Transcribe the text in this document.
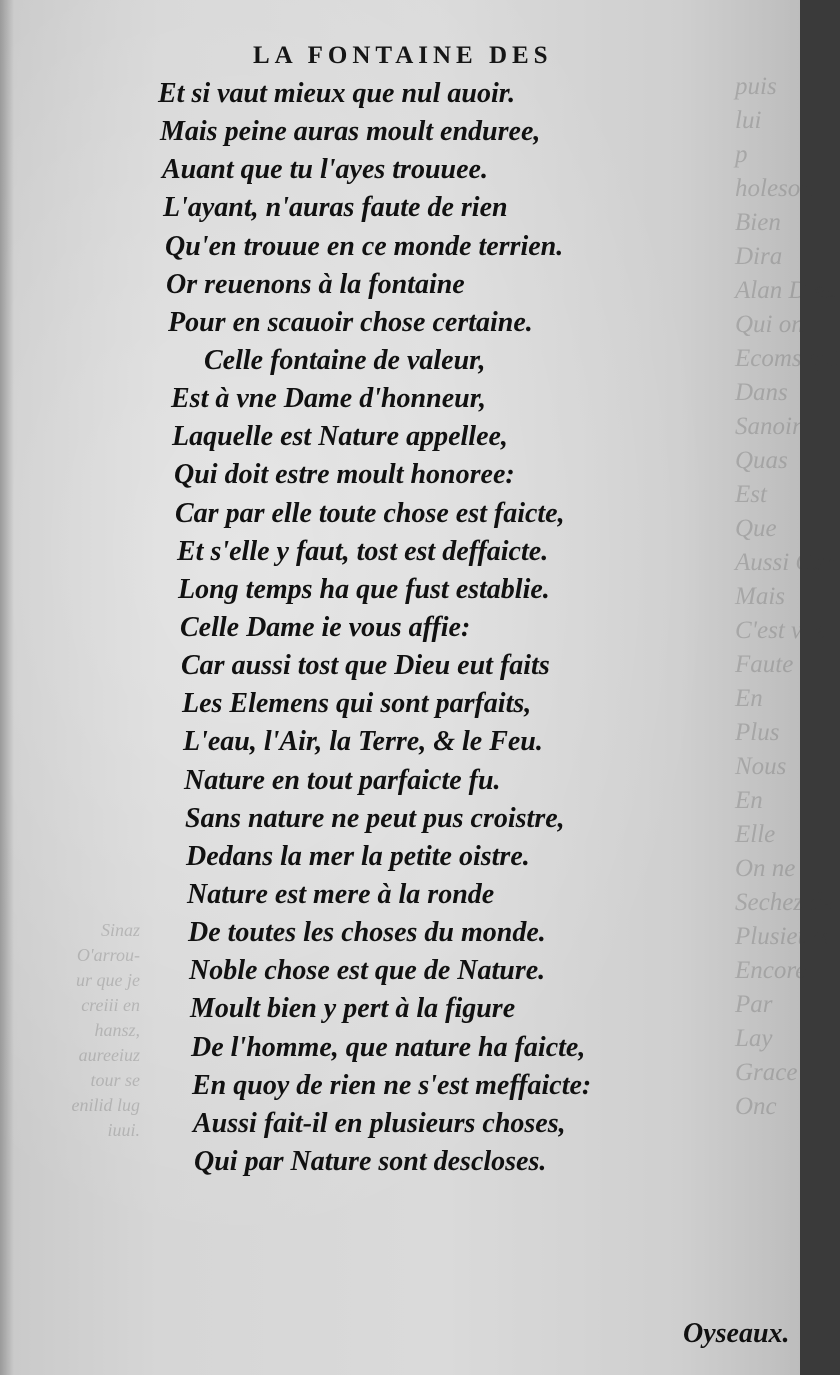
puis
lui
p
holeson
Bien
Dira
Alan Dieu
Qui on
Ecoms qui
Dans
Sanoir
Quas
Est
Que
Aussi Car
Mais
C'est vne
Faute
En
Plus
Nous
En
Elle
On ne
Sechez de
Plusieurs
Encore
Par
Lay
Grace
Onc
Sinaz
O'arrou-
ur que je
creiii en
hansz,
aureeiuz
tour se
enilid lug
iuui.
LA FONTAINE DES
Et si vaut mieux que nul auoir.
Mais peine auras moult enduree,
Auant que tu l'ayes trouuee.
L'ayant, n'auras faute de rien
Qu'en trouue en ce monde terrien.
Or reuenons à la fontaine
Pour en scauoir chose certaine.
Celle fontaine de valeur,
Est à vne Dame d'honneur,
Laquelle est Nature appellee,
Qui doit estre moult honoree:
Car par elle toute chose est faicte,
Et s'elle y faut, tost est deffaicte.
Long temps ha que fust establie.
Celle Dame ie vous affie:
Car aussi tost que Dieu eut faits
Les Elemens qui sont parfaits,
L'eau, l'Air, la Terre, & le Feu.
Nature en tout parfaicte fu.
Sans nature ne peut pus croistre,
Dedans la mer la petite oistre.
Nature est mere à la ronde
De toutes les choses du monde.
Noble chose est que de Nature.
Moult bien y pert à la figure
De l'homme, que nature ha faicte,
En quoy de rien ne s'est meffaicte:
Aussi fait-il en plusieurs choses,
Qui par Nature sont descloses.
Oyseaux.
